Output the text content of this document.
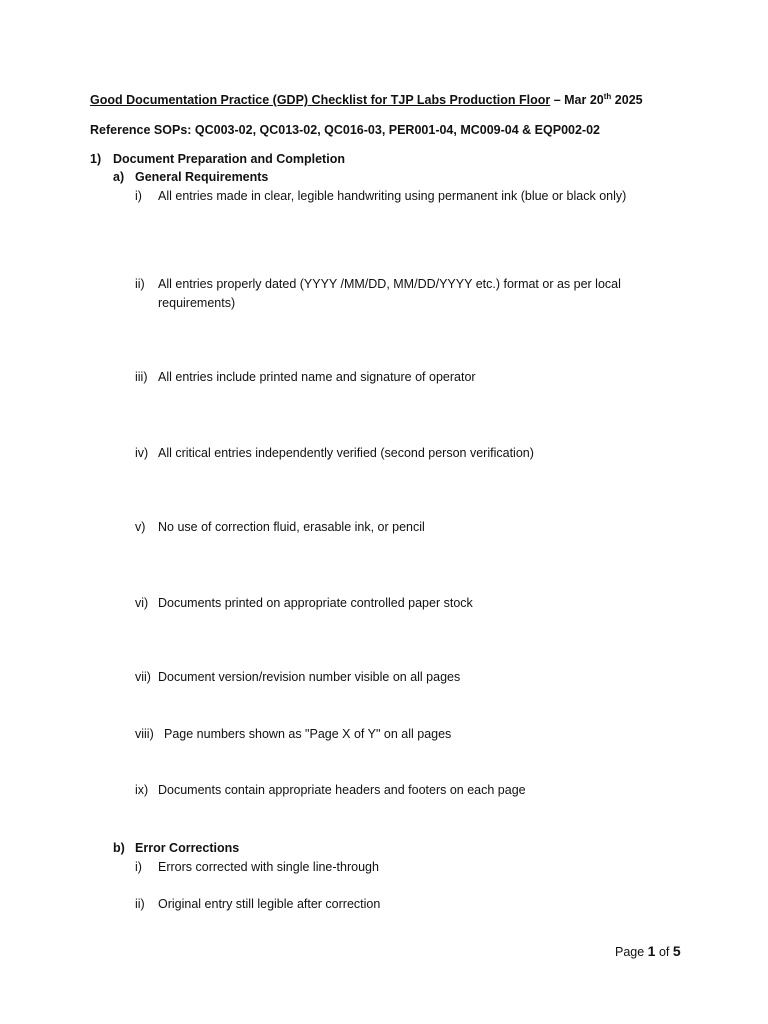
Good Documentation Practice (GDP) Checklist for TJP Labs Production Floor – Mar 20th 2025
Reference SOPs: QC003-02, QC013-02, QC016-03, PER001-04, MC009-04 & EQP002-02
1) Document Preparation and Completion
a) General Requirements
i) All entries made in clear, legible handwriting using permanent ink (blue or black only)
ii) All entries properly dated (YYYY /MM/DD, MM/DD/YYYY etc.) format or as per local
requirements)
iii) All entries include printed name and signature of operator
iv) All critical entries independently verified (second person verification)
v) No use of correction fluid, erasable ink, or pencil
vi) Documents printed on appropriate controlled paper stock
vii) Document version/revision number visible on all pages
viii) Page numbers shown as "Page X of Y" on all pages
ix) Documents contain appropriate headers and footers on each page
b) Error Corrections
i) Errors corrected with single line-through
ii) Original entry still legible after correction
Page 1 of 5
